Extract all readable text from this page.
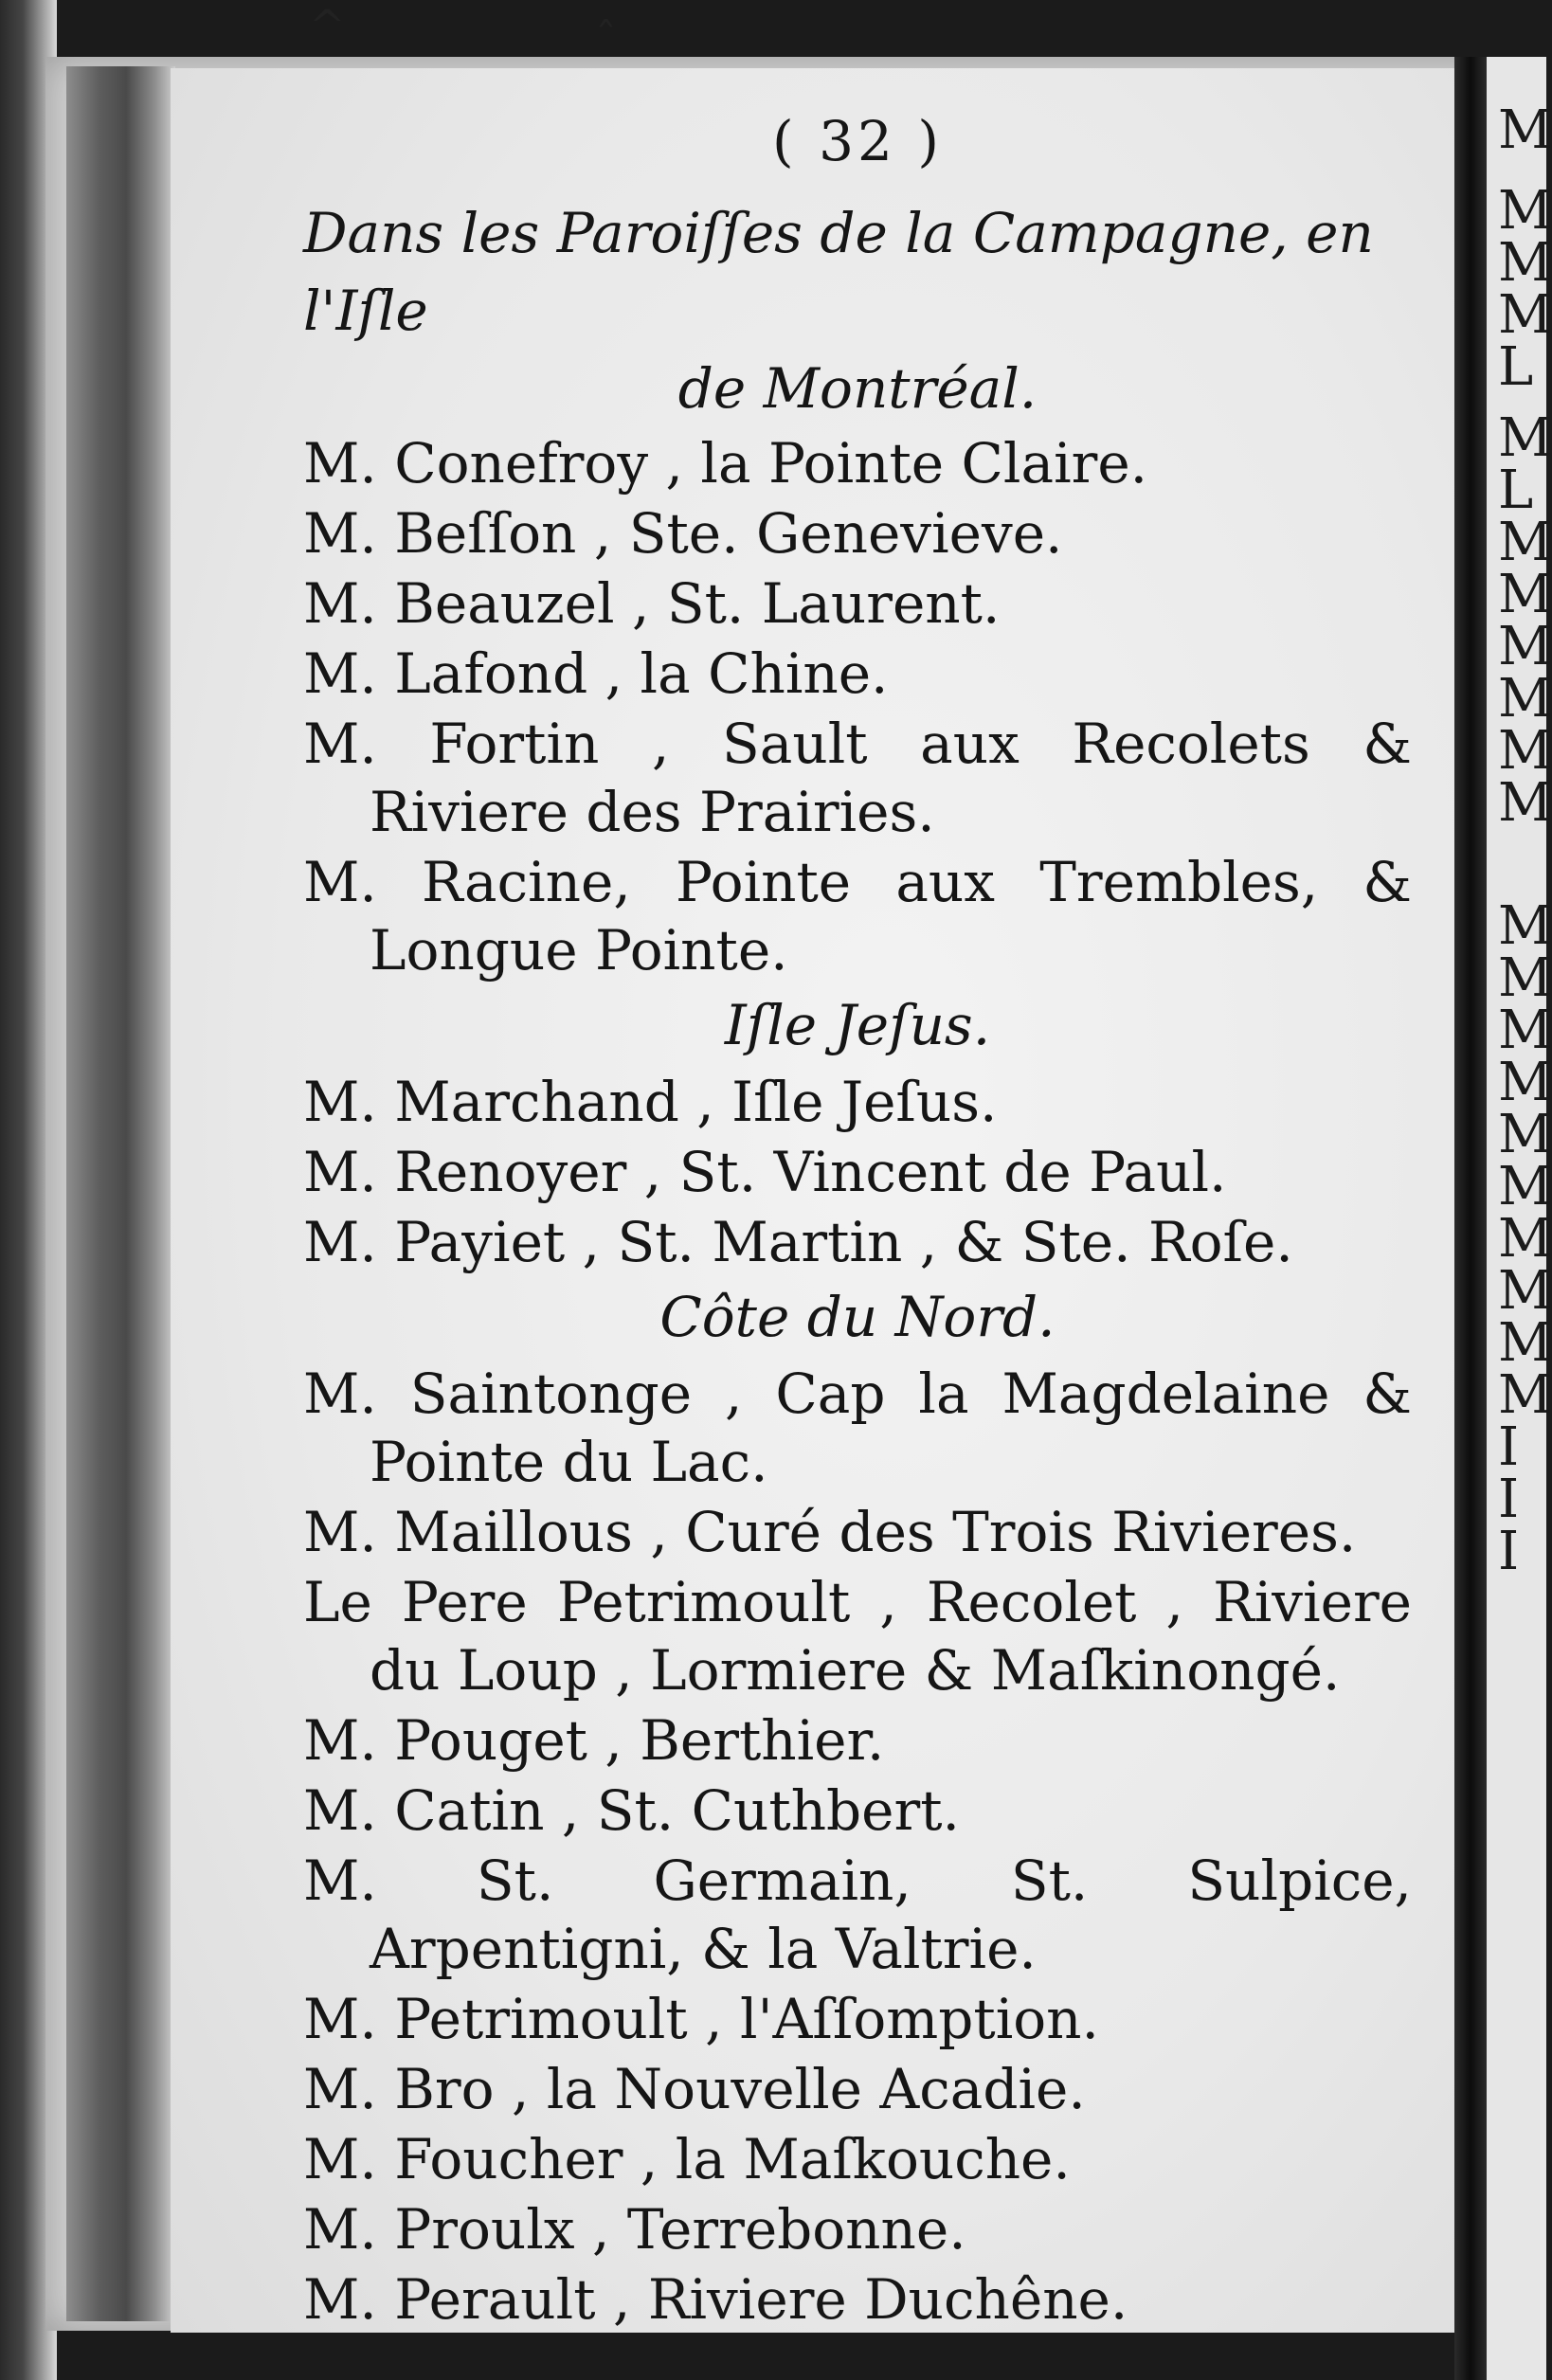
M
M
M
M
L
M
L
M
M
M
M
M
M
M
M
M
M
M
M
M
M
M
M
I
I
I
^	ˆ
( 32 )
Dans les Paroiſſes de la Campagne, en l'Iſle
de Montréal.
M. Conefroy , la Pointe Claire.
M. Beſſon , Ste. Genevieve.
M. Beauzel , St. Laurent.
M. Lafond , la Chine.
M. Fortin , Sault aux Recolets & Riviere des Prairies.
M. Racine, Pointe aux Trembles, & Longue Pointe.
Iſle Jeſus.
M. Marchand , Iſle Jeſus.
M. Renoyer , St. Vincent de Paul.
M. Payiet , St. Martin , & Ste. Roſe.
Côte du Nord.
M. Saintonge , Cap la Magdelaine & Pointe du Lac.
M. Maillous , Curé des Trois Rivieres.
Le Pere Petrimoult , Recolet , Riviere du Loup , Lormiere & Maſkinongé.
M. Pouget , Berthier.
M. Catin , St. Cuthbert.
M. St. Germain, St. Sulpice, Arpentigni, & la Valtrie.
M. Petrimoult , l'Aſſomption.
M. Bro , la Nouvelle Acadie.
M. Foucher , la Maſkouche.
M. Proulx , Terrebonne.
M. Perault , Riviere Duchêne.
